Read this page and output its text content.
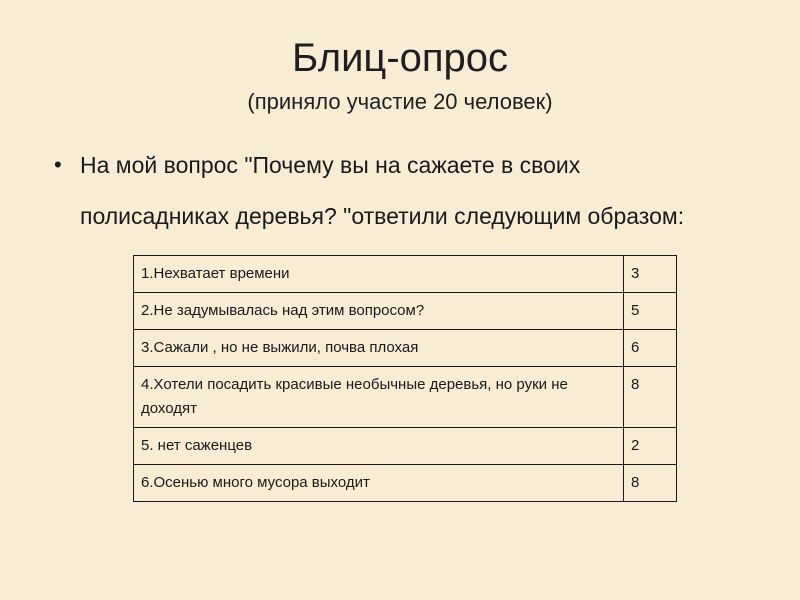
Блиц-опрос
(приняло участие 20 человек)
• На мой вопрос "Почему вы на сажаете в своих полисадниках деревья? "ответили следующим образом:
1.Нехватает времени	3
2.Не задумывалась над этим вопросом?	5
3.Сажали , но не выжили, почва плохая	6
4.Хотели посадить красивые необычные деревья, но руки не доходят	8
5. нет саженцев	2
6.Осенью много мусора выходит	8
